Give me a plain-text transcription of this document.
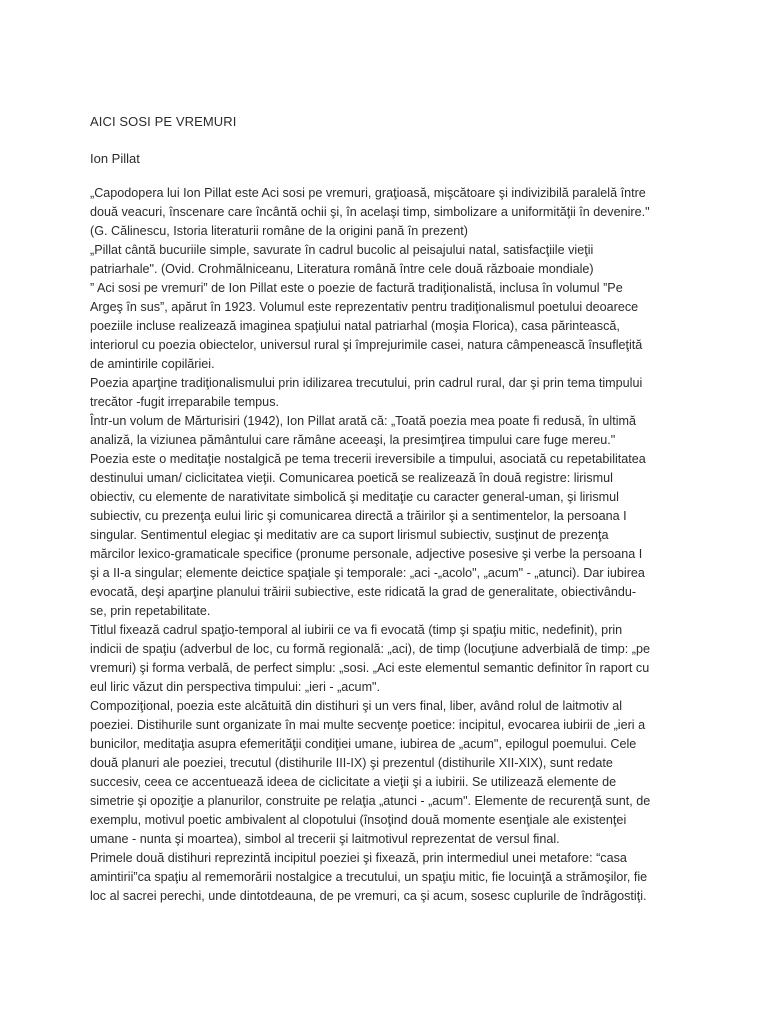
AICI SOSI PE VREMURI

Ion Pillat

„Capodopera lui Ion Pillat este Aci sosi pe vremuri, graţioasă, mişcătoare şi indivizibilă paralelă între
două veacuri, înscenare care încântă ochii şi, în acelaşi timp, simbolizare a uniformităţii în devenire."
(G. Călinescu, Istoria literaturii române de la origini pană în prezent)
„Pillat cântă bucuriile simple, savurate în cadrul bucolic al peisajului natal, satisfacţiile vieţii
patriarhale". (Ovid. Crohmălniceanu, Literatura română între cele două războaie mondiale)
” Aci sosi pe vremuri” de Ion Pillat este o poezie de factură tradiţionalistă, inclusa în volumul ”Pe
Argeş în sus”, apărut în 1923. Volumul este reprezentativ pentru tradiţionalismul poetului deoarece
poeziile incluse realizează imaginea spaţiului natal patriarhal (moşia Florica), casa părintească,
interiorul cu poezia obiectelor, universul rural şi împrejurimile casei, natura câmpenească însufleţită
de amintirile copilăriei.
Poezia aparţine tradiţionalismului prin idilizarea trecutului, prin cadrul rural, dar şi prin tema timpului
trecător -fugit irreparabile tempus.
Într-un volum de Mărturisiri (1942), Ion Pillat arată că: „Toată poezia mea poate fi redusă, în ultimă
analiză, la viziunea pământului care rămâne aceeaşi, la presimţirea timpului care fuge mereu."
Poezia este o meditaţie nostalgică pe tema trecerii ireversibile a timpului, asociată cu repetabilitatea
destinului uman/ ciclicitatea vieţii. Comunicarea poetică se realizează în două registre: lirismul
obiectiv, cu elemente de narativitate simbolică şi meditaţie cu caracter general-uman, şi lirismul
subiectiv, cu prezenţa eului liric şi comunicarea directă a trăirilor şi a sentimentelor, la persoana I
singular. Sentimentul elegiac şi meditativ are ca suport lirismul subiectiv, susţinut de prezenţa
mărcilor lexico-gramaticale specifice (pronume personale, adjective posesive şi verbe la persoana I
şi a II-a singular; elemente deictice spaţiale şi temporale: „aci -„acolo", „acum" - „atunci). Dar iubirea
evocată, deşi aparţine planului trăirii subiective, este ridicată la grad de generalitate, obiectivându-
se, prin repetabilitate.
Titlul fixează cadrul spaţio-temporal al iubirii ce va fi evocată (timp şi spaţiu mitic, nedefinit), prin
indicii de spaţiu (adverbul de loc, cu formă regională: „aci), de timp (locuţiune adverbială de timp: „pe
vremuri) şi forma verbală, de perfect simplu: „sosi. „Aci este elementul semantic definitor în raport cu
eul liric văzut din perspectiva timpului: „ieri - „acum".
Compoziţional, poezia este alcătuită din distihuri şi un vers final, liber, având rolul de laitmotiv al
poeziei. Distihurile sunt organizate în mai multe secvenţe poetice: incipitul, evocarea iubirii de „ieri a
bunicilor, meditaţia asupra efemerităţii condiţiei umane, iubirea de „acum", epilogul poemului. Cele
două planuri ale poeziei, trecutul (distihurile III-IX) şi prezentul (distihurile XII-XIX), sunt redate
succesiv, ceea ce accentuează ideea de ciclicitate a vieţii şi a iubirii. Se utilizează elemente de
simetrie şi opoziţie a planurilor, construite pe relaţia „atunci - „acum". Elemente de recurenţă sunt, de
exemplu, motivul poetic ambivalent al clopotului (însoţind două momente esenţiale ale existenţei
umane - nunta şi moartea), simbol al trecerii şi laitmotivul reprezentat de versul final.
Primele două distihuri reprezintă incipitul poeziei şi fixează, prin intermediul unei metafore: “casa
amintirii”ca spaţiu al rememorării nostalgice a trecutului, un spaţiu mitic, fie locuinţă a strămoşilor, fie
loc al sacrei perechi, unde dintotdeauna, de pe vremuri, ca şi acum, sosesc cuplurile de îndrăgostiţi.
